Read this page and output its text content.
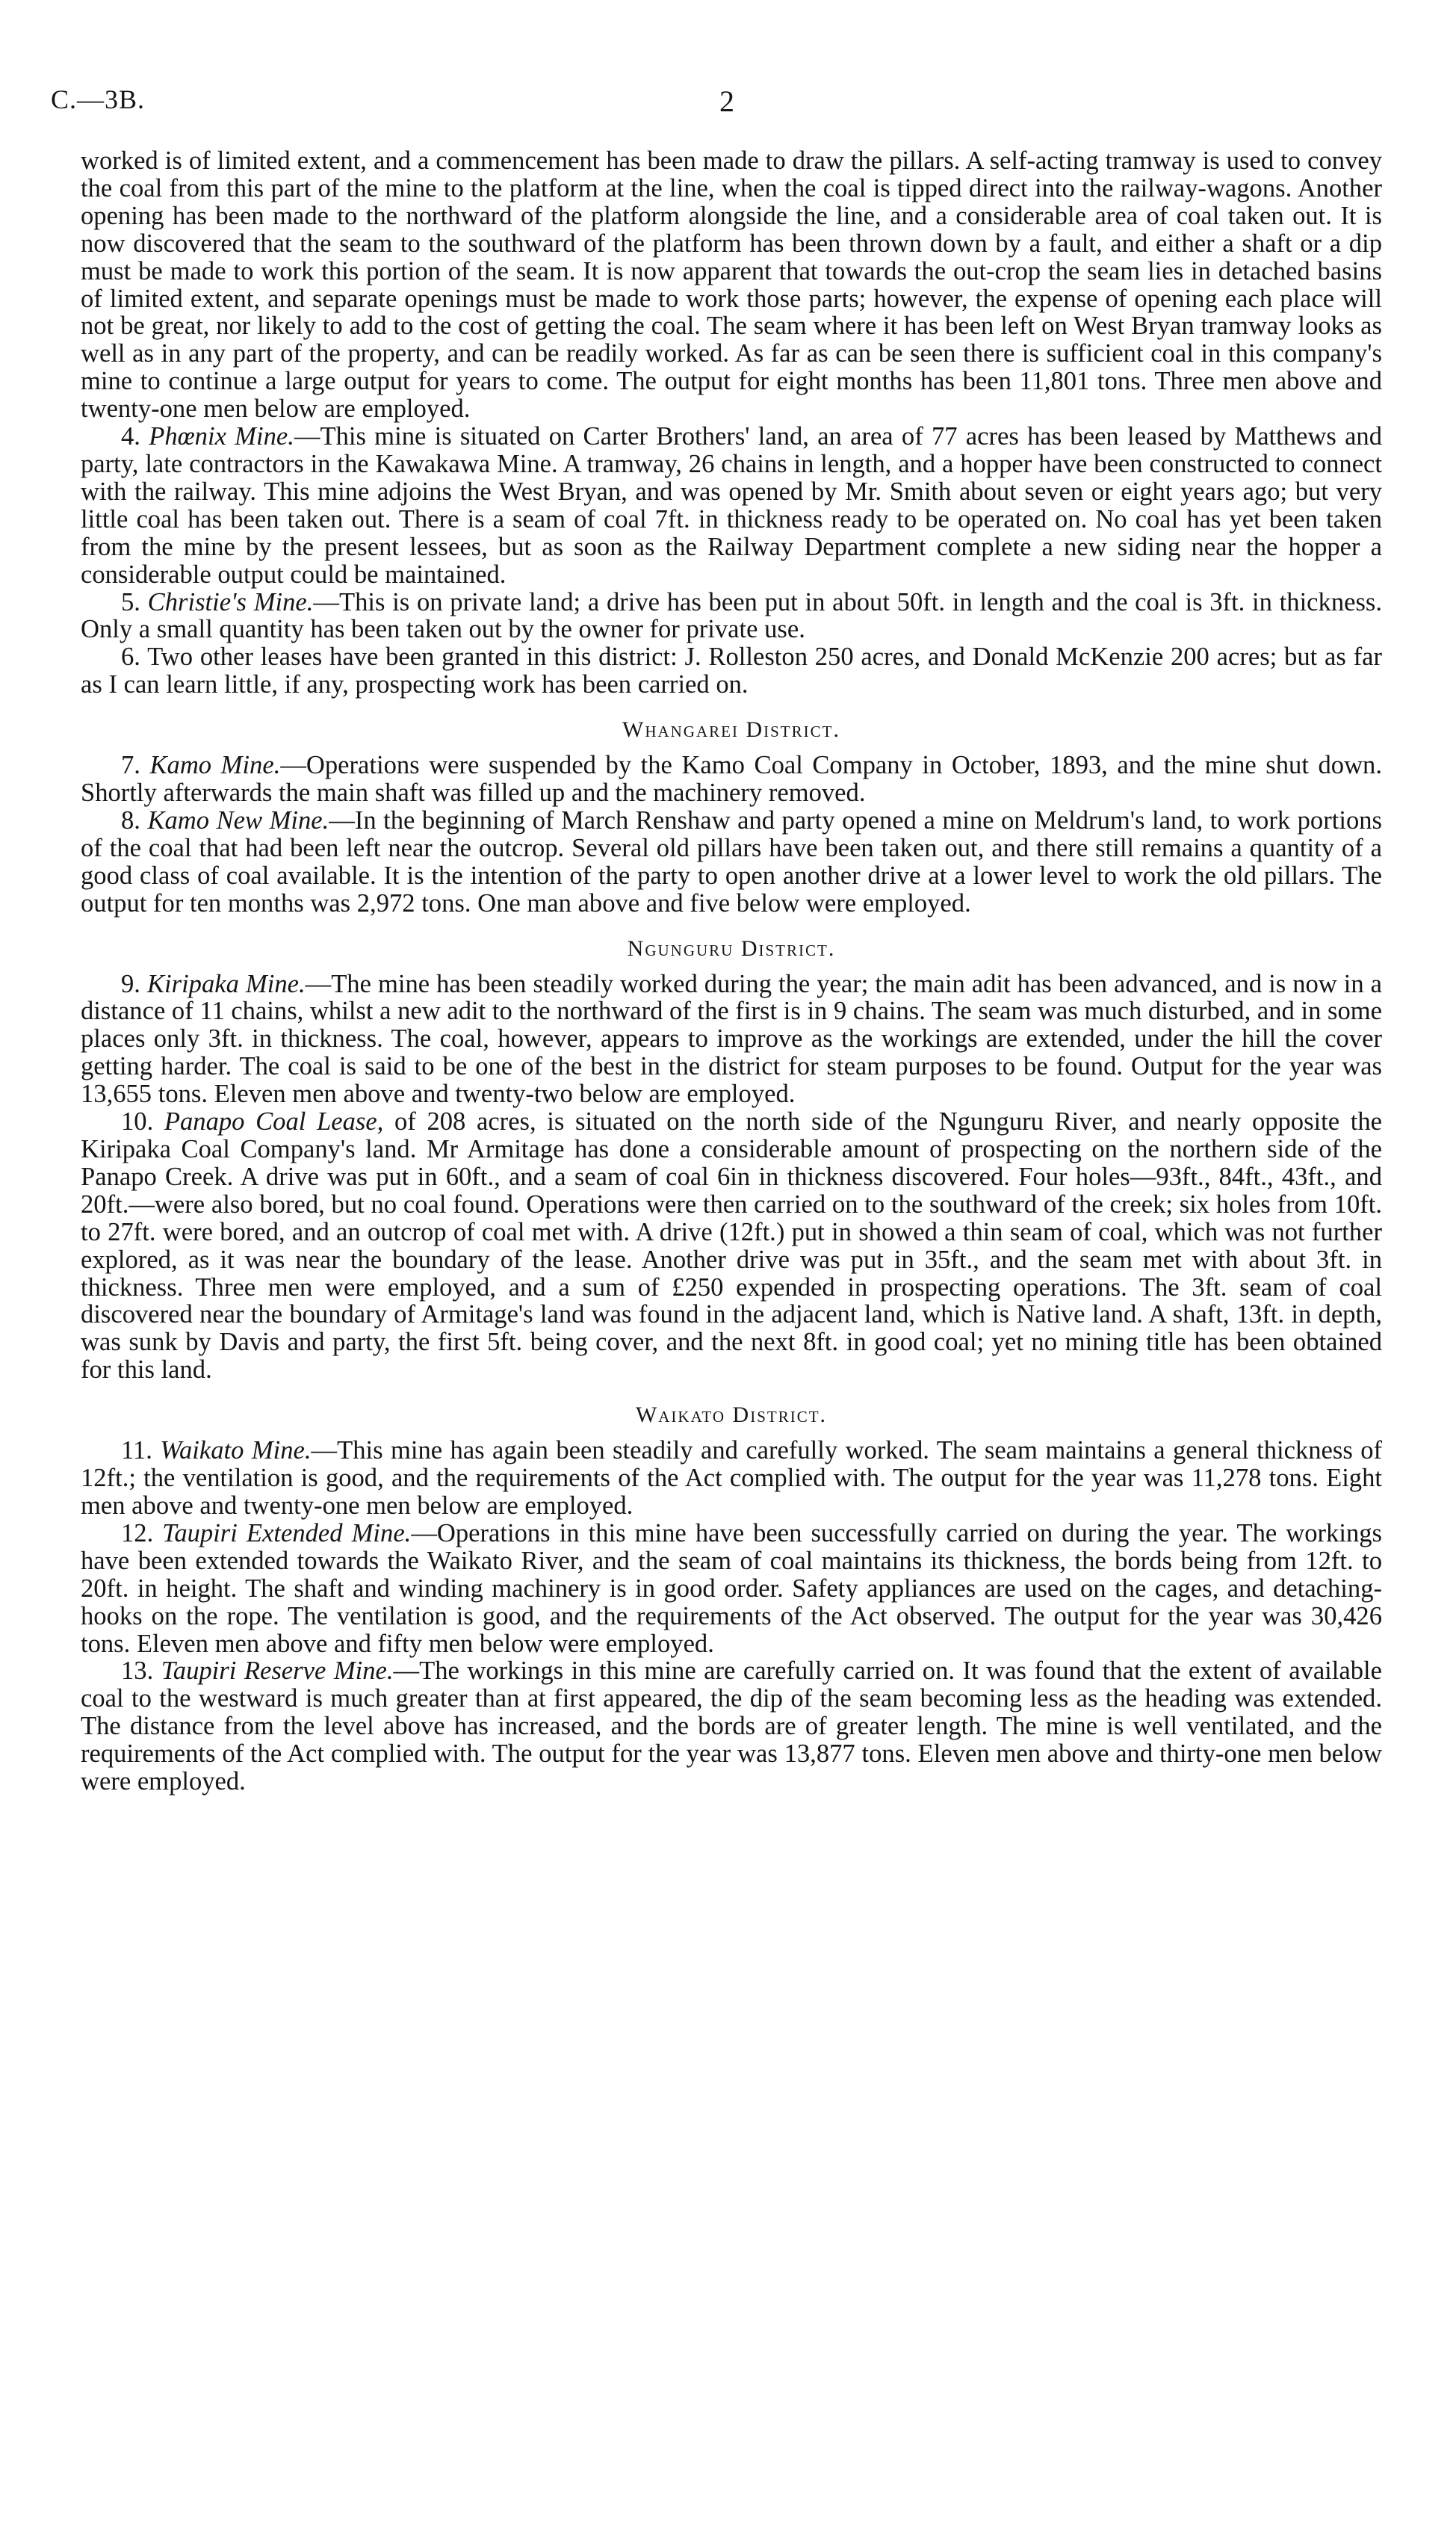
C.—3B.	2

worked is of limited extent, and a commencement has been made to draw the pillars. A self-acting tramway is used to convey the coal from this part of the mine to the platform at the line, when the coal is tipped direct into the railway-wagons. Another opening has been made to the northward of the platform alongside the line, and a considerable area of coal taken out. It is now discovered that the seam to the southward of the platform has been thrown down by a fault, and either a shaft or a dip must be made to work this portion of the seam. It is now apparent that towards the out-crop the seam lies in detached basins of limited extent, and separate openings must be made to work those parts; however, the expense of opening each place will not be great, nor likely to add to the cost of getting the coal. The seam where it has been left on West Bryan tramway looks as well as in any part of the property, and can be readily worked. As far as can be seen there is sufficient coal in this company's mine to continue a large output for years to come. The output for eight months has been 11,801 tons. Three men above and twenty-one men below are employed.

4. Phœnix Mine.—This mine is situated on Carter Brothers' land, an area of 77 acres has been leased by Matthews and party, late contractors in the Kawakawa Mine. A tramway, 26 chains in length, and a hopper have been constructed to connect with the railway. This mine adjoins the West Bryan, and was opened by Mr. Smith about seven or eight years ago; but very little coal has been taken out. There is a seam of coal 7ft. in thickness ready to be operated on. No coal has yet been taken from the mine by the present lessees, but as soon as the Railway Department complete a new siding near the hopper a considerable output could be maintained.

5. Christie's Mine.—This is on private land; a drive has been put in about 50ft. in length and the coal is 3ft. in thickness. Only a small quantity has been taken out by the owner for private use.

6. Two other leases have been granted in this district: J. Rolleston 250 acres, and Donald McKenzie 200 acres; but as far as I can learn little, if any, prospecting work has been carried on.

Whangarei District.

7. Kamo Mine.—Operations were suspended by the Kamo Coal Company in October, 1893, and the mine shut down. Shortly afterwards the main shaft was filled up and the machinery removed.

8. Kamo New Mine.—In the beginning of March Renshaw and party opened a mine on Meldrum's land, to work portions of the coal that had been left near the outcrop. Several old pillars have been taken out, and there still remains a quantity of a good class of coal available. It is the intention of the party to open another drive at a lower level to work the old pillars. The output for ten months was 2,972 tons. One man above and five below were employed.

Ngunguru District.

9. Kiripaka Mine.—The mine has been steadily worked during the year; the main adit has been advanced, and is now in a distance of 11 chains, whilst a new adit to the northward of the first is in 9 chains. The seam was much disturbed, and in some places only 3ft. in thickness. The coal, however, appears to improve as the workings are extended, under the hill the cover getting harder. The coal is said to be one of the best in the district for steam purposes to be found. Output for the year was 13,655 tons. Eleven men above and twenty-two below are employed.

10. Panapo Coal Lease, of 208 acres, is situated on the north side of the Ngunguru River, and nearly opposite the Kiripaka Coal Company's land. Mr Armitage has done a considerable amount of prospecting on the northern side of the Panapo Creek. A drive was put in 60ft., and a seam of coal 6in in thickness discovered. Four holes—93ft., 84ft., 43ft., and 20ft.—were also bored, but no coal found. Operations were then carried on to the southward of the creek; six holes from 10ft. to 27ft. were bored, and an outcrop of coal met with. A drive (12ft.) put in showed a thin seam of coal, which was not further explored, as it was near the boundary of the lease. Another drive was put in 35ft., and the seam met with about 3ft. in thickness. Three men were employed, and a sum of £250 expended in prospecting operations. The 3ft. seam of coal discovered near the boundary of Armitage's land was found in the adjacent land, which is Native land. A shaft, 13ft. in depth, was sunk by Davis and party, the first 5ft. being cover, and the next 8ft. in good coal; yet no mining title has been obtained for this land.

Waikato District.

11. Waikato Mine.—This mine has again been steadily and carefully worked. The seam maintains a general thickness of 12ft.; the ventilation is good, and the requirements of the Act complied with. The output for the year was 11,278 tons. Eight men above and twenty-one men below are employed.

12. Taupiri Extended Mine.—Operations in this mine have been successfully carried on during the year. The workings have been extended towards the Waikato River, and the seam of coal maintains its thickness, the bords being from 12ft. to 20ft. in height. The shaft and winding machinery is in good order. Safety appliances are used on the cages, and detaching-hooks on the rope. The ventilation is good, and the requirements of the Act observed. The output for the year was 30,426 tons. Eleven men above and fifty men below were employed.

13. Taupiri Reserve Mine.—The workings in this mine are carefully carried on. It was found that the extent of available coal to the westward is much greater than at first appeared, the dip of the seam becoming less as the heading was extended. The distance from the level above has increased, and the bords are of greater length. The mine is well ventilated, and the requirements of the Act complied with. The output for the year was 13,877 tons. Eleven men above and thirty-one men below were employed.
